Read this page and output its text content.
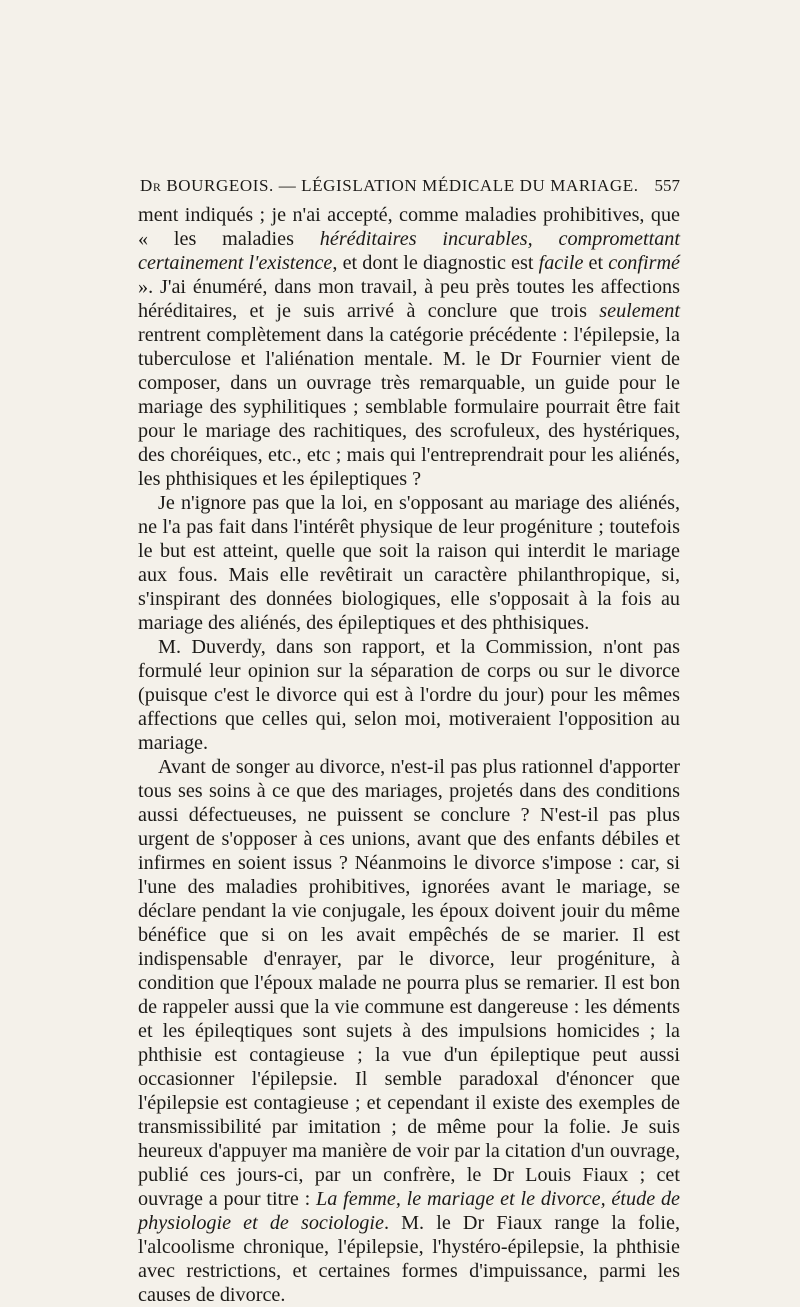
Dr BOURGEOIS. — LÉGISLATION MÉDICALE DU MARIAGE. 557

ment indiqués ; je n'ai accepté, comme maladies prohibitives, que « les maladies héréditaires incurables, compromettant certainement l'existence, et dont le diagnostic est facile et confirmé ». J'ai énuméré, dans mon travail, à peu près toutes les affections héréditaires, et je suis arrivé à conclure que trois seulement rentrent complètement dans la catégorie précédente : l'épilepsie, la tuberculose et l'aliénation mentale. M. le Dr Fournier vient de composer, dans un ouvrage très remarquable, un guide pour le mariage des syphilitiques ; semblable formulaire pourrait être fait pour le mariage des rachitiques, des scrofuleux, des hystériques, des choréiques, etc., etc ; mais qui l'entreprendrait pour les aliénés, les phthisiques et les épileptiques ?

Je n'ignore pas que la loi, en s'opposant au mariage des aliénés, ne l'a pas fait dans l'intérêt physique de leur progéniture ; toutefois le but est atteint, quelle que soit la raison qui interdit le mariage aux fous. Mais elle revêtirait un caractère philanthropique, si, s'inspirant des données biologiques, elle s'opposait à la fois au mariage des aliénés, des épileptiques et des phthisiques.

M. Duverdy, dans son rapport, et la Commission, n'ont pas formulé leur opinion sur la séparation de corps ou sur le divorce (puisque c'est le divorce qui est à l'ordre du jour) pour les mêmes affections que celles qui, selon moi, motiveraient l'opposition au mariage.

Avant de songer au divorce, n'est-il pas plus rationnel d'apporter tous ses soins à ce que des mariages, projetés dans des conditions aussi défectueuses, ne puissent se conclure ? N'est-il pas plus urgent de s'opposer à ces unions, avant que des enfants débiles et infirmes en soient issus ? Néanmoins le divorce s'impose : car, si l'une des maladies prohibitives, ignorées avant le mariage, se déclare pendant la vie conjugale, les époux doivent jouir du même bénéfice que si on les avait empêchés de se marier. Il est indispensable d'enrayer, par le divorce, leur progéniture, à condition que l'époux malade ne pourra plus se remarier. Il est bon de rappeler aussi que la vie commune est dangereuse : les déments et les épileqtiques sont sujets à des impulsions homicides ; la phthisie est contagieuse ; la vue d'un épileptique peut aussi occasionner l'épilepsie. Il semble paradoxal d'énoncer que l'épilepsie est contagieuse ; et cependant il existe des exemples de transmissibilité par imitation ; de même pour la folie. Je suis heureux d'appuyer ma manière de voir par la citation d'un ouvrage, publié ces jours-ci, par un confrère, le Dr Louis Fiaux ; cet ouvrage a pour titre : La femme, le mariage et le divorce, étude de physiologie et de sociologie. M. le Dr Fiaux range la folie, l'alcoolisme chronique, l'épilepsie, l'hystéro-épilepsie, la phthisie avec restrictions, et certaines formes d'impuissance, parmi les causes de divorce.
